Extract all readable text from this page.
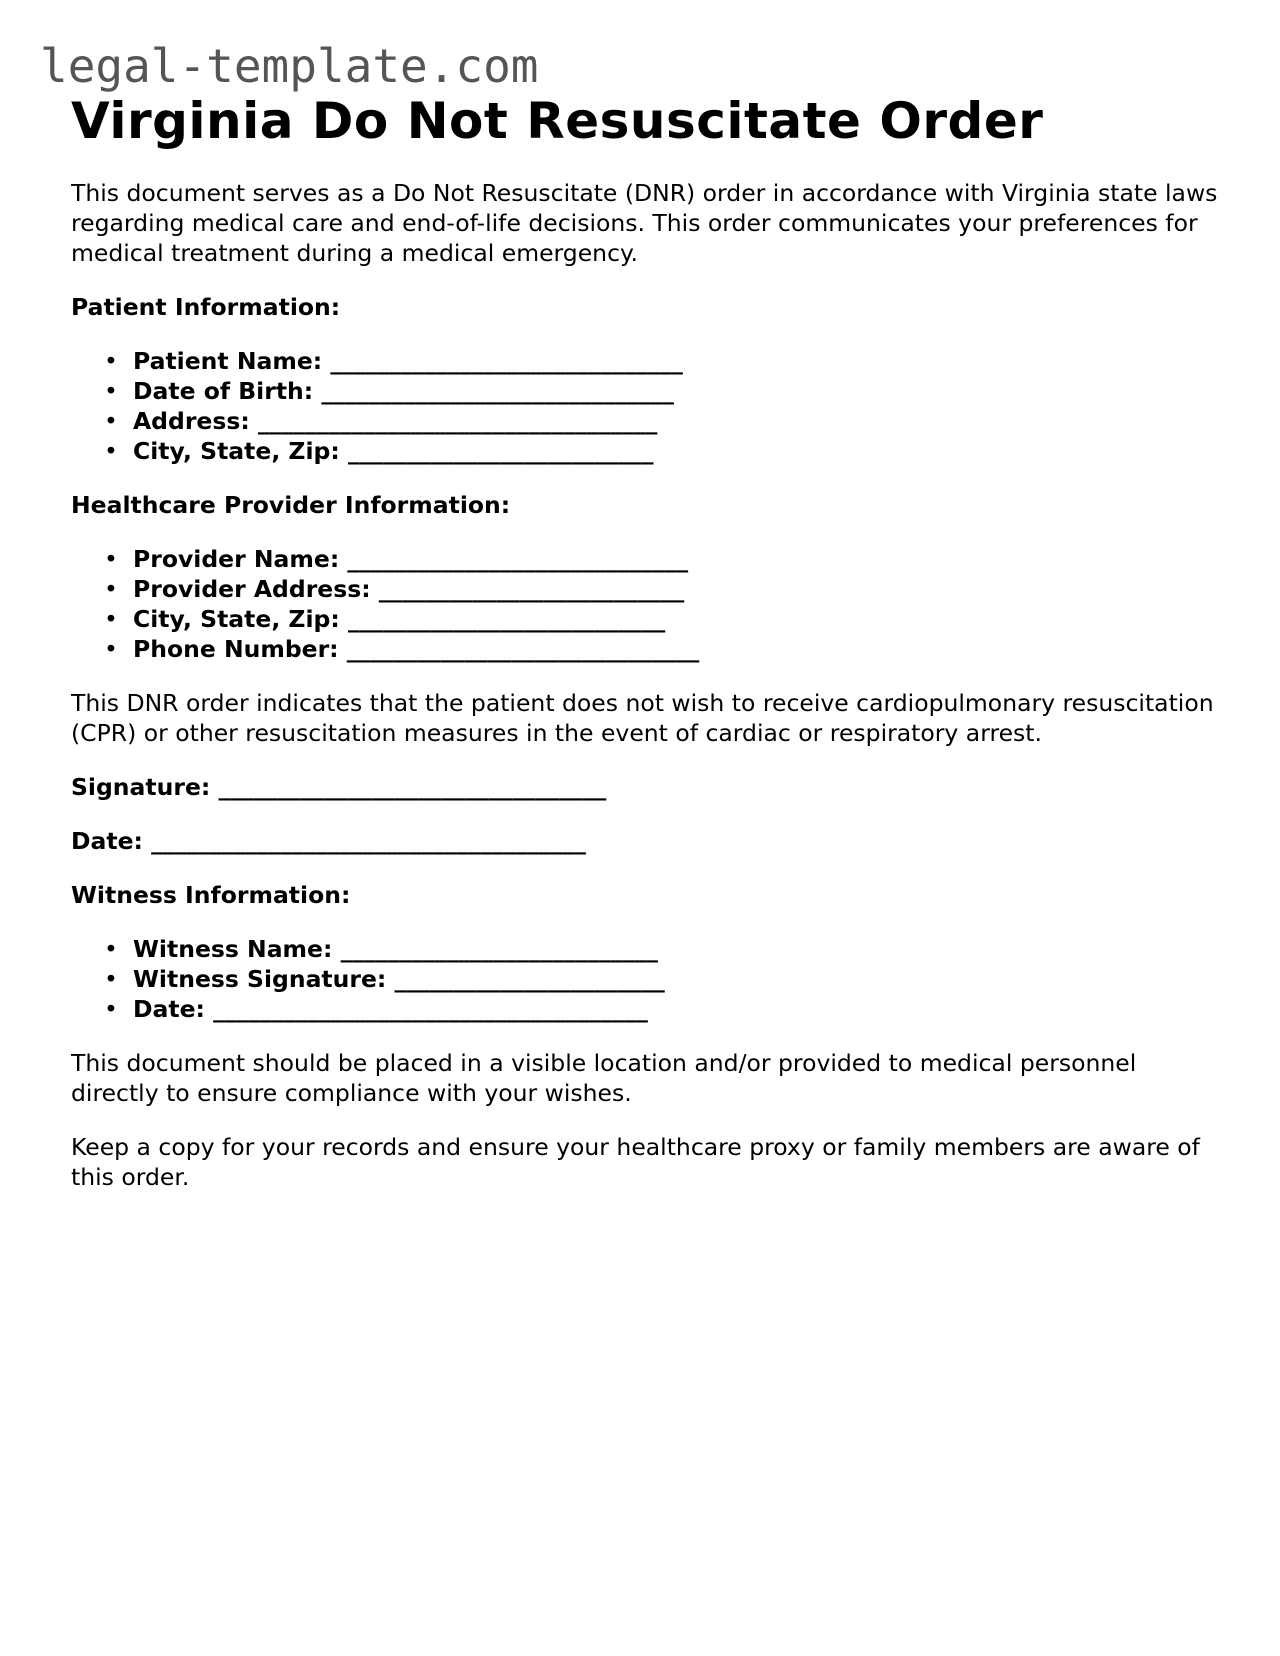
legal-template.com
Virginia Do Not Resuscitate Order

This document serves as a Do Not Resuscitate (DNR) order in accordance with Virginia state laws regarding medical care and end-of-life decisions. This order communicates your preferences for medical treatment during a medical emergency.

Patient Information:

• Patient Name: ______________________________
• Date of Birth: ______________________________
• Address: __________________________________
• City, State, Zip: __________________________

Healthcare Provider Information:

• Provider Name: _____________________________
• Provider Address: __________________________
• City, State, Zip: ___________________________
• Phone Number: ______________________________

This DNR order indicates that the patient does not wish to receive cardiopulmonary resuscitation (CPR) or other resuscitation measures in the event of cardiac or respiratory arrest.

Signature: _________________________________

Date: _____________________________________

Witness Information:

• Witness Name: ___________________________
• Witness Signature: _______________________
• Date: _____________________________________

This document should be placed in a visible location and/or provided to medical personnel directly to ensure compliance with your wishes.

Keep a copy for your records and ensure your healthcare proxy or family members are aware of this order.
